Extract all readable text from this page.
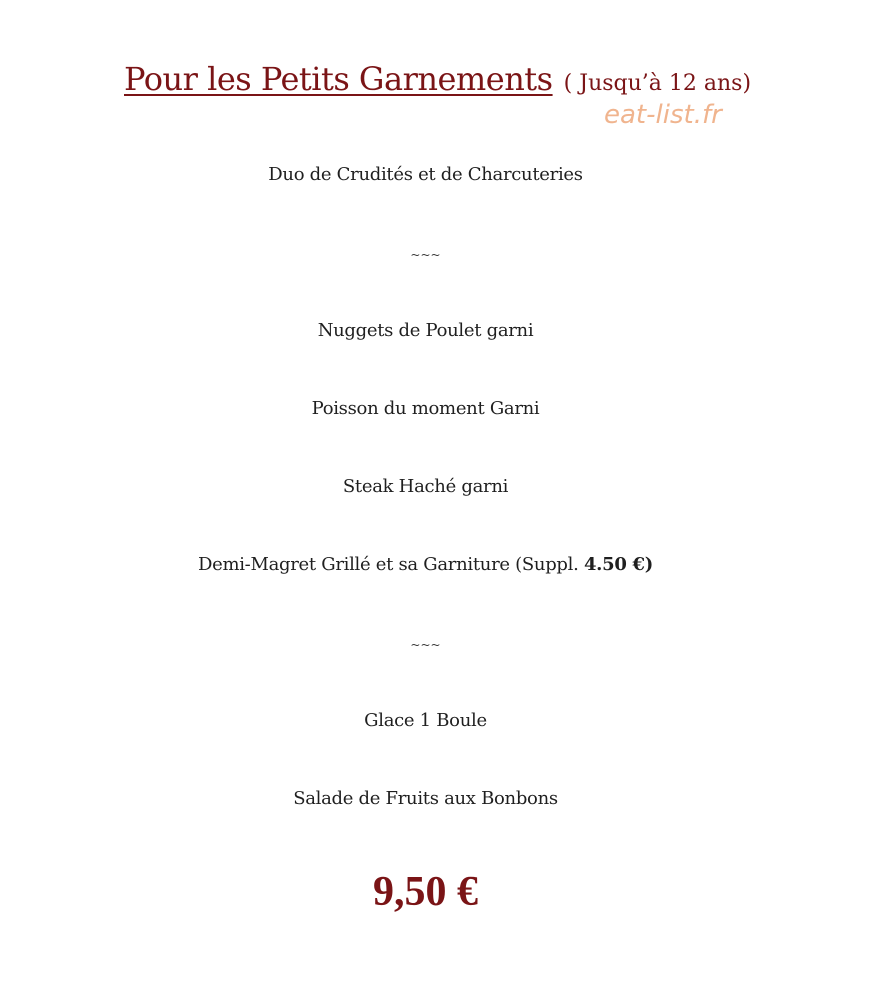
Pour les Petits Garnements ( Jusqu’à 12 ans)
eat-list.fr
Duo de Crudités et de Charcuteries
~~~
Nuggets de Poulet garni
Poisson du moment Garni
Steak Haché garni
Demi-Magret Grillé et sa Garniture (Suppl. 4.50 €)
~~~
Glace 1 Boule
Salade de Fruits aux Bonbons
9,50 €
